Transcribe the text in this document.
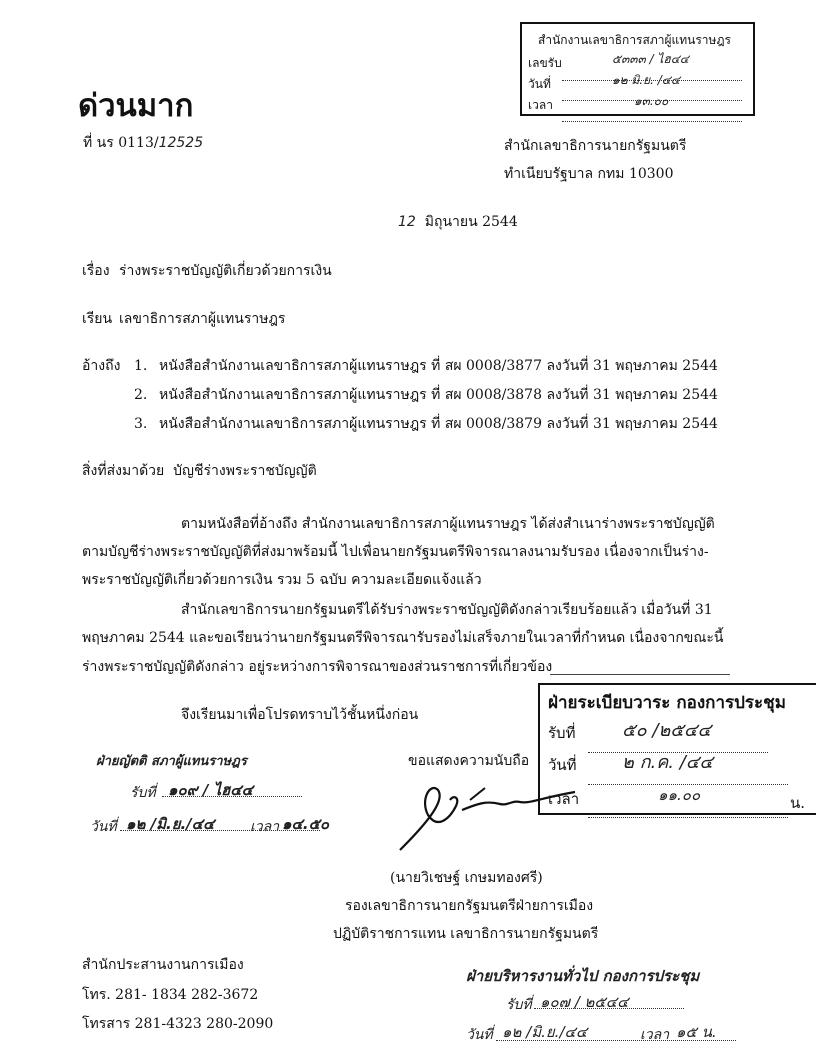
สำนักงานเลขาธิการสภาผู้แทนราษฎร
เลขรับ	๕๓๓๓ / ไฮ๔๔
วันที่	๑๒ มิ.ย. /๔๔
เวลา	๑๓.๐๐
ด่วนมาก
ที่ นร 0113/12525	สำนักเลขาธิการนายกรัฐมนตรี
ทำเนียบรัฐบาล กทม 10300
12 มิถุนายน 2544
เรื่อง ร่างพระราชบัญญัติเกี่ยวด้วยการเงิน
เรียน เลขาธิการสภาผู้แทนราษฎร
อ้างถึง 1. หนังสือสำนักงานเลขาธิการสภาผู้แทนราษฎร ที่ สผ 0008/3877 ลงวันที่ 31 พฤษภาคม 2544
2. หนังสือสำนักงานเลขาธิการสภาผู้แทนราษฎร ที่ สผ 0008/3878 ลงวันที่ 31 พฤษภาคม 2544
3. หนังสือสำนักงานเลขาธิการสภาผู้แทนราษฎร ที่ สผ 0008/3879 ลงวันที่ 31 พฤษภาคม 2544
สิ่งที่ส่งมาด้วย บัญชีร่างพระราชบัญญัติ
ตามหนังสือที่อ้างถึง สำนักงานเลขาธิการสภาผู้แทนราษฎร ได้ส่งสำเนาร่างพระราชบัญญัติ
ตามบัญชีร่างพระราชบัญญัติที่ส่งมาพร้อมนี้ ไปเพื่อนายกรัฐมนตรีพิจารณาลงนามรับรอง เนื่องจากเป็นร่าง-
พระราชบัญญัติเกี่ยวด้วยการเงิน รวม 5 ฉบับ ความละเอียดแจ้งแล้ว
สำนักเลขาธิการนายกรัฐมนตรีได้รับร่างพระราชบัญญัติดังกล่าวเรียบร้อยแล้ว เมื่อวันที่ 31
พฤษภาคม 2544 และขอเรียนว่านายกรัฐมนตรีพิจารณารับรองไม่เสร็จภายในเวลาที่กำหนด เนื่องจากขณะนี้
ร่างพระราชบัญญัติดังกล่าว อยู่ระหว่างการพิจารณาของส่วนราชการที่เกี่ยวข้อง
จึงเรียนมาเพื่อโปรดทราบไว้ชั้นหนึ่งก่อน
ฝ่ายระเบียบวาระ กองการประชุม
รับที่	๕๐ /๒๕๔๔
วันที่	๒ ก.ค. /๔๔
เวลา	๑๑.๐๐	น.
ฝ่ายญัตติ สภาผู้แทนราษฎร
รับที่ ๑๐๙ / ไฮ๔๔
วันที่ ๑๒ /มิ.ย./๔๔	เวลา ๑๔.๕๐
ขอแสดงความนับถือ
(นายวิเชษฐ์ เกษมทองศรี)
รองเลขาธิการนายกรัฐมนตรีฝ่ายการเมือง
ปฏิบัติราชการแทน เลขาธิการนายกรัฐมนตรี
สำนักประสานงานการเมือง
โทร. 281- 1834 282-3672
โทรสาร 281-4323 280-2090
ฝ่ายบริหารงานทั่วไป กองการประชุม
รับที่ ๑๐๗ / ๒๕๔๔
วันที่ ๑๒ /มิ.ย./๔๔	เวลา ๑๕ น.
